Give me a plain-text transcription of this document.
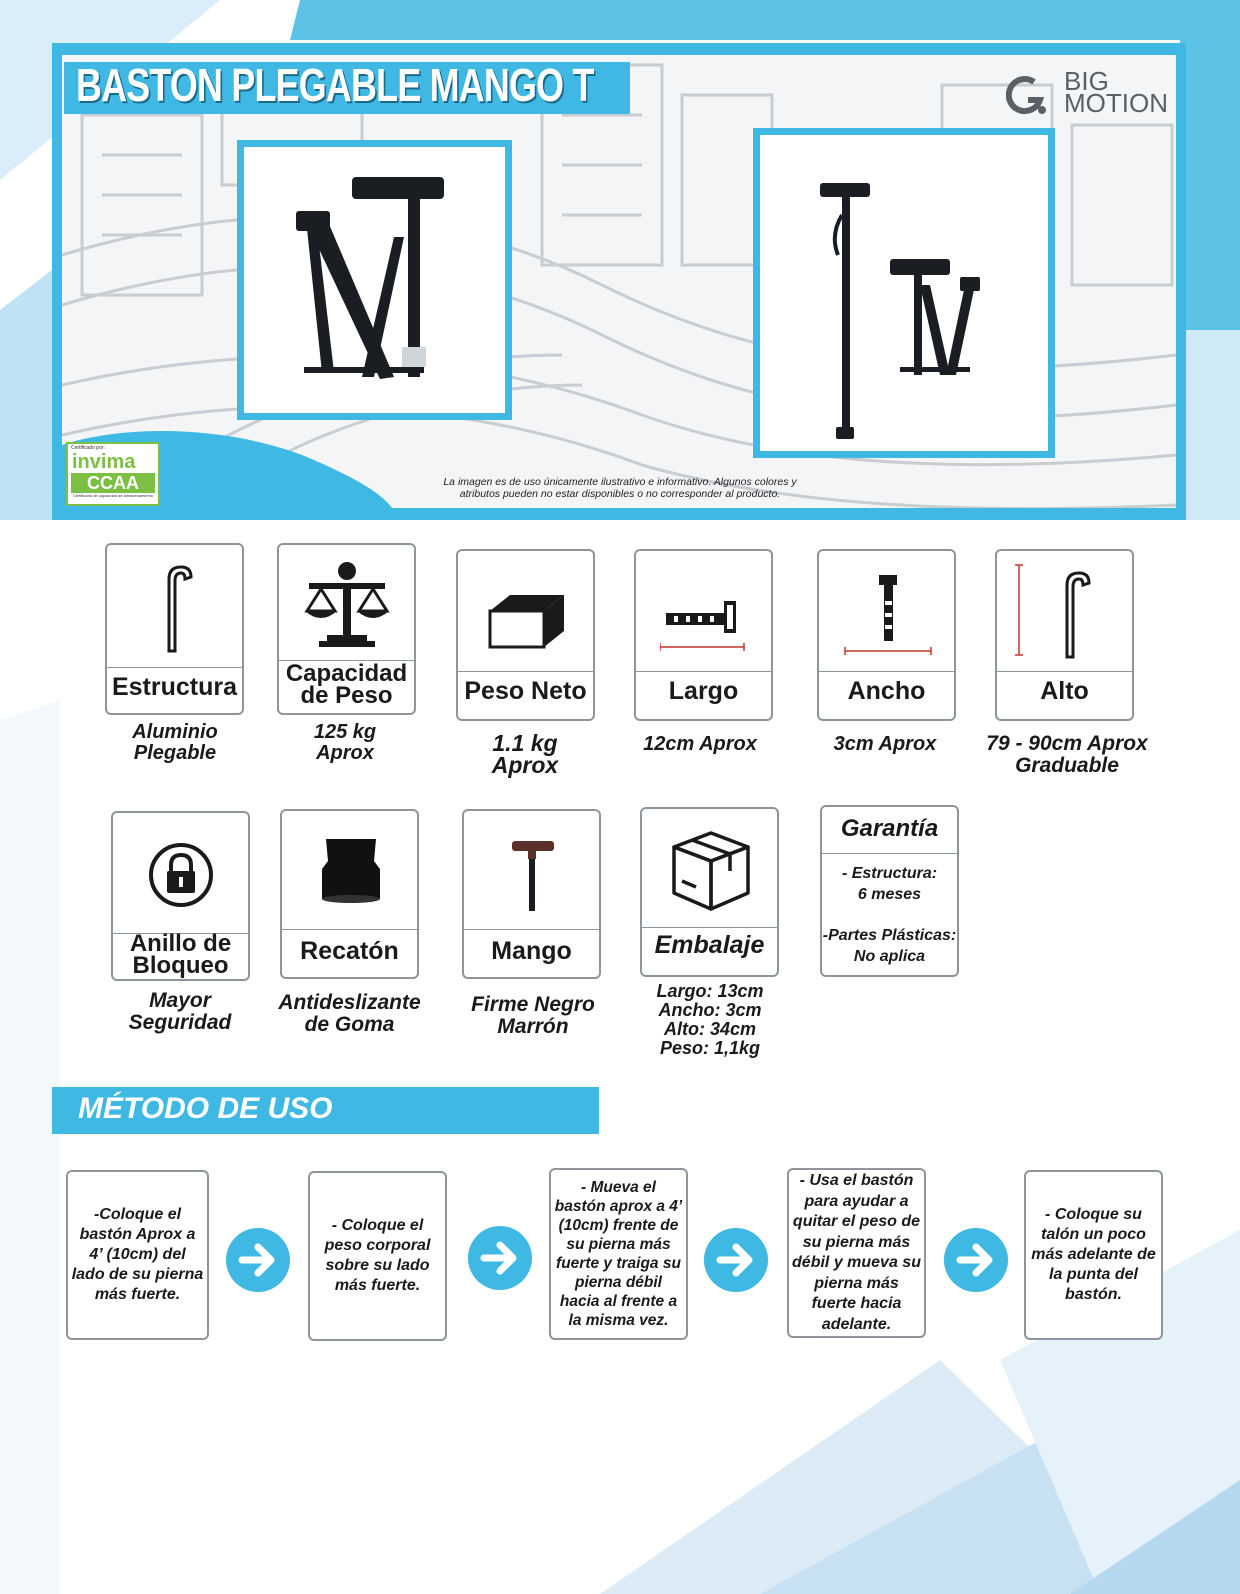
BASTON PLEGABLE MANGO T	BIG
MOTION
Certificado por:
invima
CCAA
Certificado de capacidad de almacenamiento
La imagen es de uso únicamente ilustrativo e informativo. Algunos colores y
atributos pueden no estar disponibles o no corresponder al producto.
Estructura
Aluminio
Plegable
Capacidad
de Peso
125 kg
Aprox
Peso Neto
1.1 kg
Aprox
Largo
12cm Aprox
Ancho
3cm Aprox
Alto
79 - 90cm Aprox
Graduable
Anillo de
Bloqueo
Mayor
Seguridad
Recatón
Antideslizante
de Goma
Mango
Firme Negro
Marrón
Embalaje
Largo: 13cm
Ancho: 3cm
Alto: 34cm
Peso: 1,1kg
Garantía
- Estructura:
6 meses
-Partes Plásticas:
No aplica
MÉTODO DE USO
-Coloque el bastón Aprox a 4’ (10cm) del lado de su pierna más fuerte.
- Coloque el peso corporal sobre su lado más fuerte.
- Mueva el bastón aprox a 4’ (10cm) frente de su pierna más fuerte y traiga su pierna débil hacia al frente a la misma vez.
- Usa el bastón para ayudar a quitar el peso de su pierna más débil y mueva su pierna más fuerte hacia adelante.
- Coloque su talón un poco más adelante de la punta del bastón.
